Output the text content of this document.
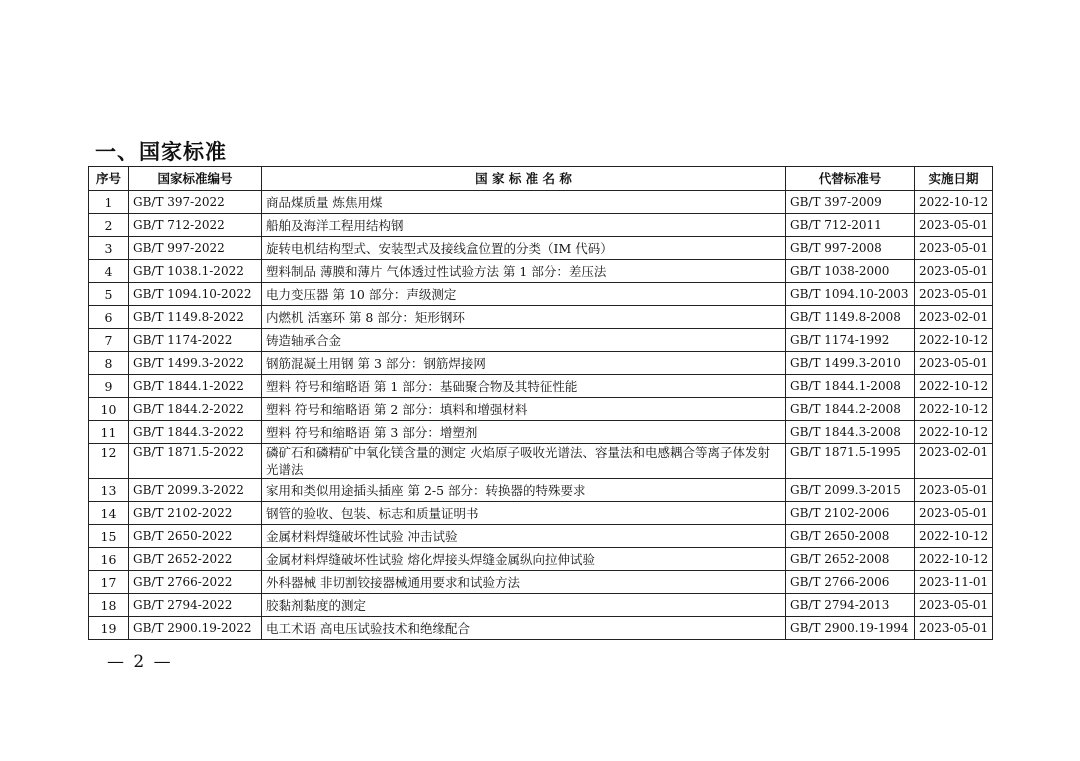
一、国家标准
序号	国家标准编号	国 家 标 准 名 称	代替标准号	实施日期
1	GB/T 397-2022	商品煤质量 炼焦用煤	GB/T 397-2009	2022-10-12
2	GB/T 712-2022	船舶及海洋工程用结构钢	GB/T 712-2011	2023-05-01
3	GB/T 997-2022	旋转电机结构型式、安装型式及接线盒位置的分类（IM 代码）	GB/T 997-2008	2023-05-01
4	GB/T 1038.1-2022	塑料制品 薄膜和薄片 气体透过性试验方法 第 1 部分：差压法	GB/T 1038-2000	2023-05-01
5	GB/T 1094.10-2022	电力变压器 第 10 部分：声级测定	GB/T 1094.10-2003	2023-05-01
6	GB/T 1149.8-2022	内燃机 活塞环 第 8 部分：矩形钢环	GB/T 1149.8-2008	2023-02-01
7	GB/T 1174-2022	铸造轴承合金	GB/T 1174-1992	2022-10-12
8	GB/T 1499.3-2022	钢筋混凝土用钢 第 3 部分：钢筋焊接网	GB/T 1499.3-2010	2023-05-01
9	GB/T 1844.1-2022	塑料 符号和缩略语 第 1 部分：基础聚合物及其特征性能	GB/T 1844.1-2008	2022-10-12
10	GB/T 1844.2-2022	塑料 符号和缩略语 第 2 部分：填料和增强材料	GB/T 1844.2-2008	2022-10-12
11	GB/T 1844.3-2022	塑料 符号和缩略语 第 3 部分：增塑剂	GB/T 1844.3-2008	2022-10-12
12	GB/T 1871.5-2022	磷矿石和磷精矿中氧化镁含量的测定 火焰原子吸收光谱法、容量法和电感耦合等离子体发射光谱法	GB/T 1871.5-1995	2023-02-01
13	GB/T 2099.3-2022	家用和类似用途插头插座 第 2-5 部分：转换器的特殊要求	GB/T 2099.3-2015	2023-05-01
14	GB/T 2102-2022	钢管的验收、包装、标志和质量证明书	GB/T 2102-2006	2023-05-01
15	GB/T 2650-2022	金属材料焊缝破坏性试验 冲击试验	GB/T 2650-2008	2022-10-12
16	GB/T 2652-2022	金属材料焊缝破坏性试验 熔化焊接头焊缝金属纵向拉伸试验	GB/T 2652-2008	2022-10-12
17	GB/T 2766-2022	外科器械 非切割铰接器械通用要求和试验方法	GB/T 2766-2006	2023-11-01
18	GB/T 2794-2022	胶黏剂黏度的测定	GB/T 2794-2013	2023-05-01
19	GB/T 2900.19-2022	电工术语 高电压试验技术和绝缘配合	GB/T 2900.19-1994	2023-05-01
— 2 —
